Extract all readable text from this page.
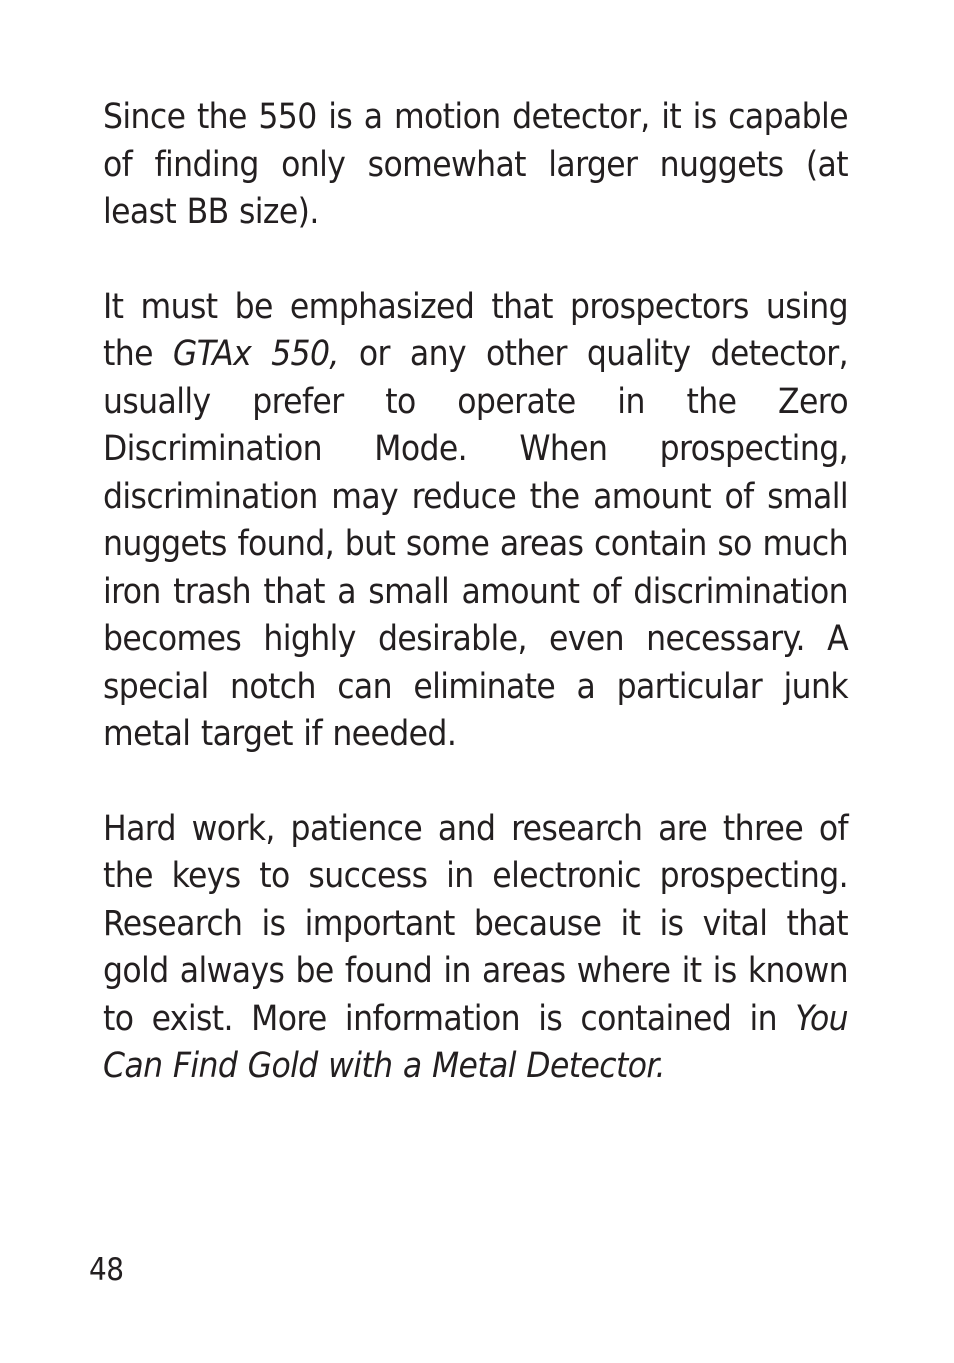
Since the 550 is a motion detector, it is capable of finding only somewhat larger nuggets (at least BB size).

It must be emphasized that prospectors using the GTAx 550, or any other quality detector, usually prefer to operate in the Zero Discrimination Mode. When prospecting, discrimination may reduce the amount of small nuggets found, but some areas contain so much iron trash that a small amount of discrimination becomes highly desirable, even necessary. A special notch can eliminate a particular junk metal target if needed.

Hard work, patience and research are three of the keys to success in electronic prospecting. Research is important because it is vital that gold always be found in areas where it is known to exist. More information is contained in You Can Find Gold with a Metal Detector.

48
